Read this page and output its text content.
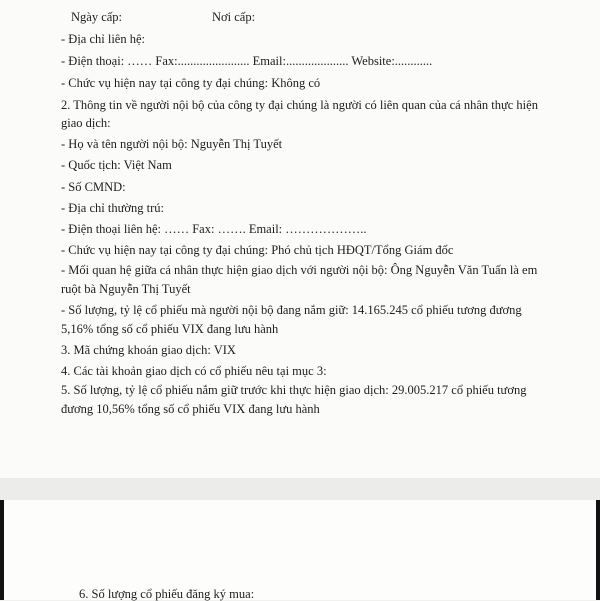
Ngày cấp:	Nơi cấp:
- Địa chỉ liên hệ:
- Điện thoại: …… Fax:....................... Email:.................... Website:............
- Chức vụ hiện nay tại công ty đại chúng: Không có
2. Thông tin về người nội bộ của công ty đại chúng là người có liên quan của cá nhân thực hiện
giao dịch:
- Họ và tên người nội bộ: Nguyễn Thị Tuyết
- Quốc tịch: Việt Nam
- Số CMND:
- Địa chỉ thường trú:
- Điện thoại liên hệ: …… Fax: ……. Email: ………………..
- Chức vụ hiện nay tại công ty đại chúng: Phó chủ tịch HĐQT/Tổng Giám đốc
- Mối quan hệ giữa cá nhân thực hiện giao dịch với người nội bộ: Ông Nguyễn Văn Tuấn là em ruột bà Nguyễn Thị Tuyết
- Số lượng, tỷ lệ cổ phiếu mà người nội bộ đang nắm giữ: 14.165.245 cổ phiếu tương đương 5,16% tổng số cổ phiếu VIX đang lưu hành
3. Mã chứng khoán giao dịch: VIX
4. Các tài khoản giao dịch có cổ phiếu nêu tại mục 3:
5. Số lượng, tỷ lệ cổ phiếu nắm giữ trước khi thực hiện giao dịch: 29.005.217 cổ phiếu tương đương 10,56% tổng số cổ phiếu VIX đang lưu hành
6. Số lượng cổ phiếu đăng ký mua:
